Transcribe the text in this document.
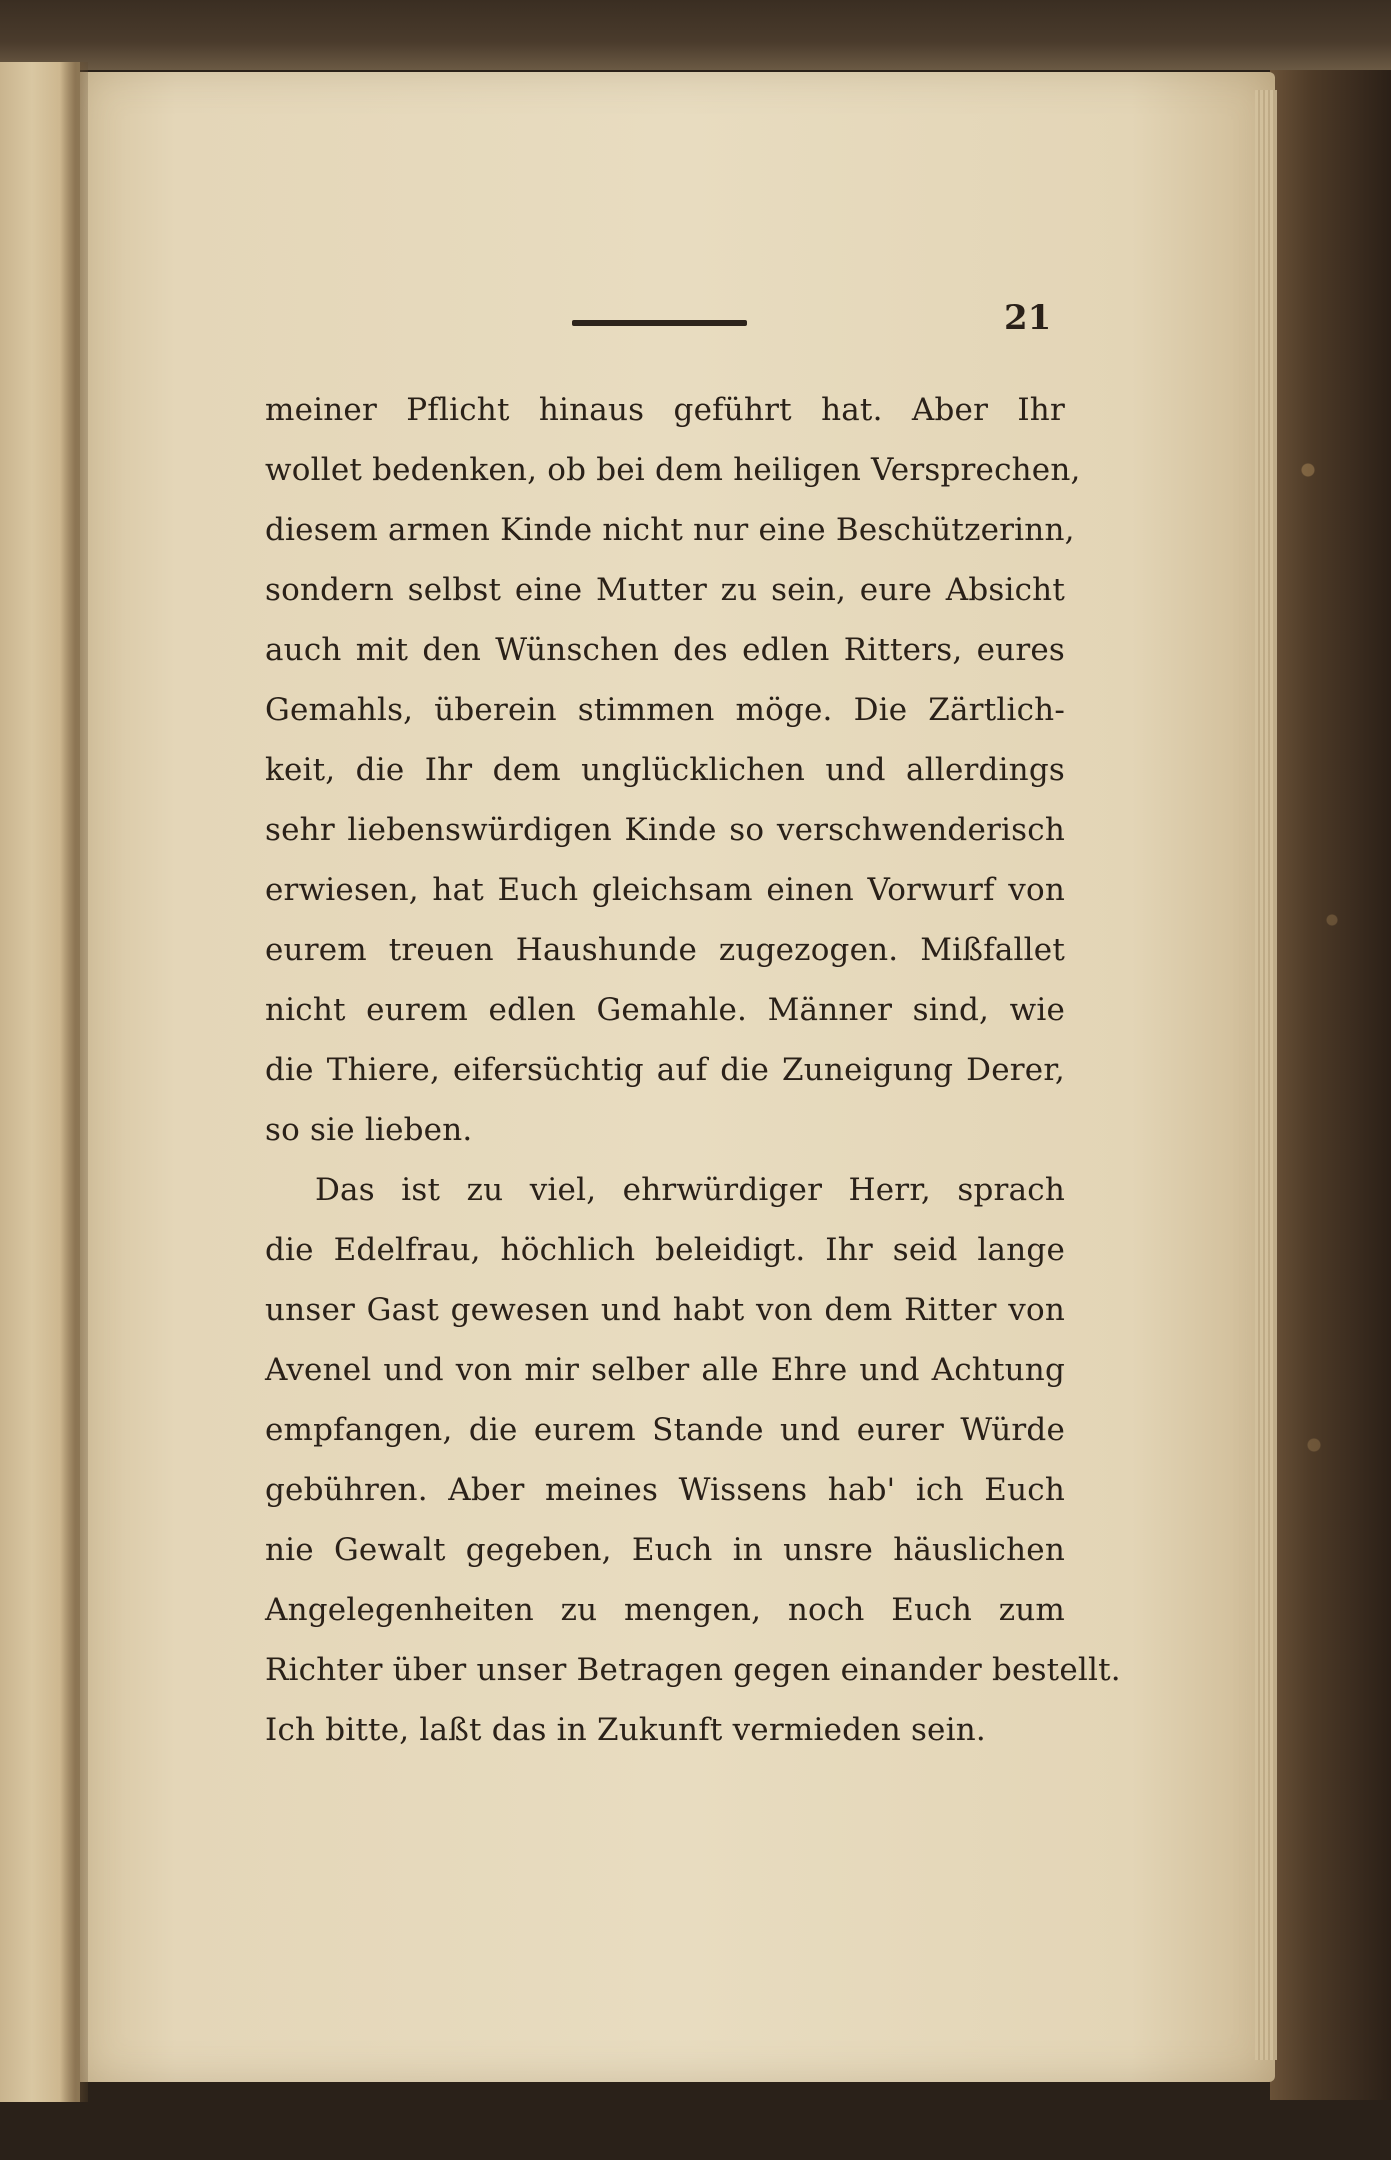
21
meiner Pflicht hinaus geführt hat. Aber Ihr
wollet bedenken, ob bei dem heiligen Versprechen,
diesem armen Kinde nicht nur eine Beschützerinn,
sondern selbst eine Mutter zu sein, eure Absicht
auch mit den Wünschen des edlen Ritters, eures
Gemahls, überein stimmen möge. Die Zärtlich-
keit, die Ihr dem unglücklichen und allerdings
sehr liebenswürdigen Kinde so verschwenderisch
erwiesen, hat Euch gleichsam einen Vorwurf von
eurem treuen Haushunde zugezogen. Mißfallet
nicht eurem edlen Gemahle. Männer sind, wie
die Thiere, eifersüchtig auf die Zuneigung Derer,
so sie lieben.
Das ist zu viel, ehrwürdiger Herr, sprach
die Edelfrau, höchlich beleidigt. Ihr seid lange
unser Gast gewesen und habt von dem Ritter von
Avenel und von mir selber alle Ehre und Achtung
empfangen, die eurem Stande und eurer Würde
gebühren. Aber meines Wissens hab' ich Euch
nie Gewalt gegeben, Euch in unsre häuslichen
Angelegenheiten zu mengen, noch Euch zum
Richter über unser Betragen gegen einander bestellt.
Ich bitte, laßt das in Zukunft vermieden sein.
